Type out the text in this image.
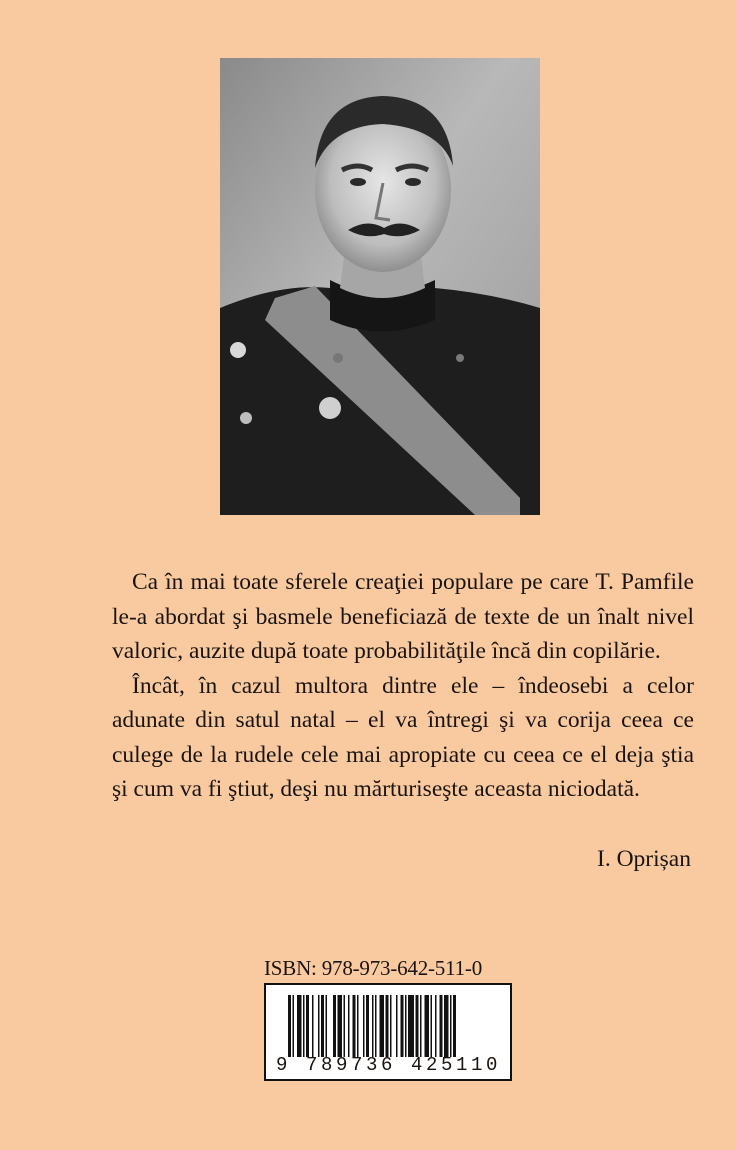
Ca în mai toate sferele creaţiei populare pe care T. Pamfile le-a abordat şi basmele beneficiază de texte de un înalt nivel valoric, auzite după toate probabilităţile încă din copilărie.

Încât, în cazul multora dintre ele – îndeosebi a celor adunate din satul natal – el va întregi şi va corija ceea ce culege de la rudele cele mai apropiate cu ceea ce el deja ştia şi cum va fi ştiut, deşi nu mărturiseşte aceasta niciodată.

I. Oprișan
ISBN: 978-973-642-511-0
9 789736 425110
